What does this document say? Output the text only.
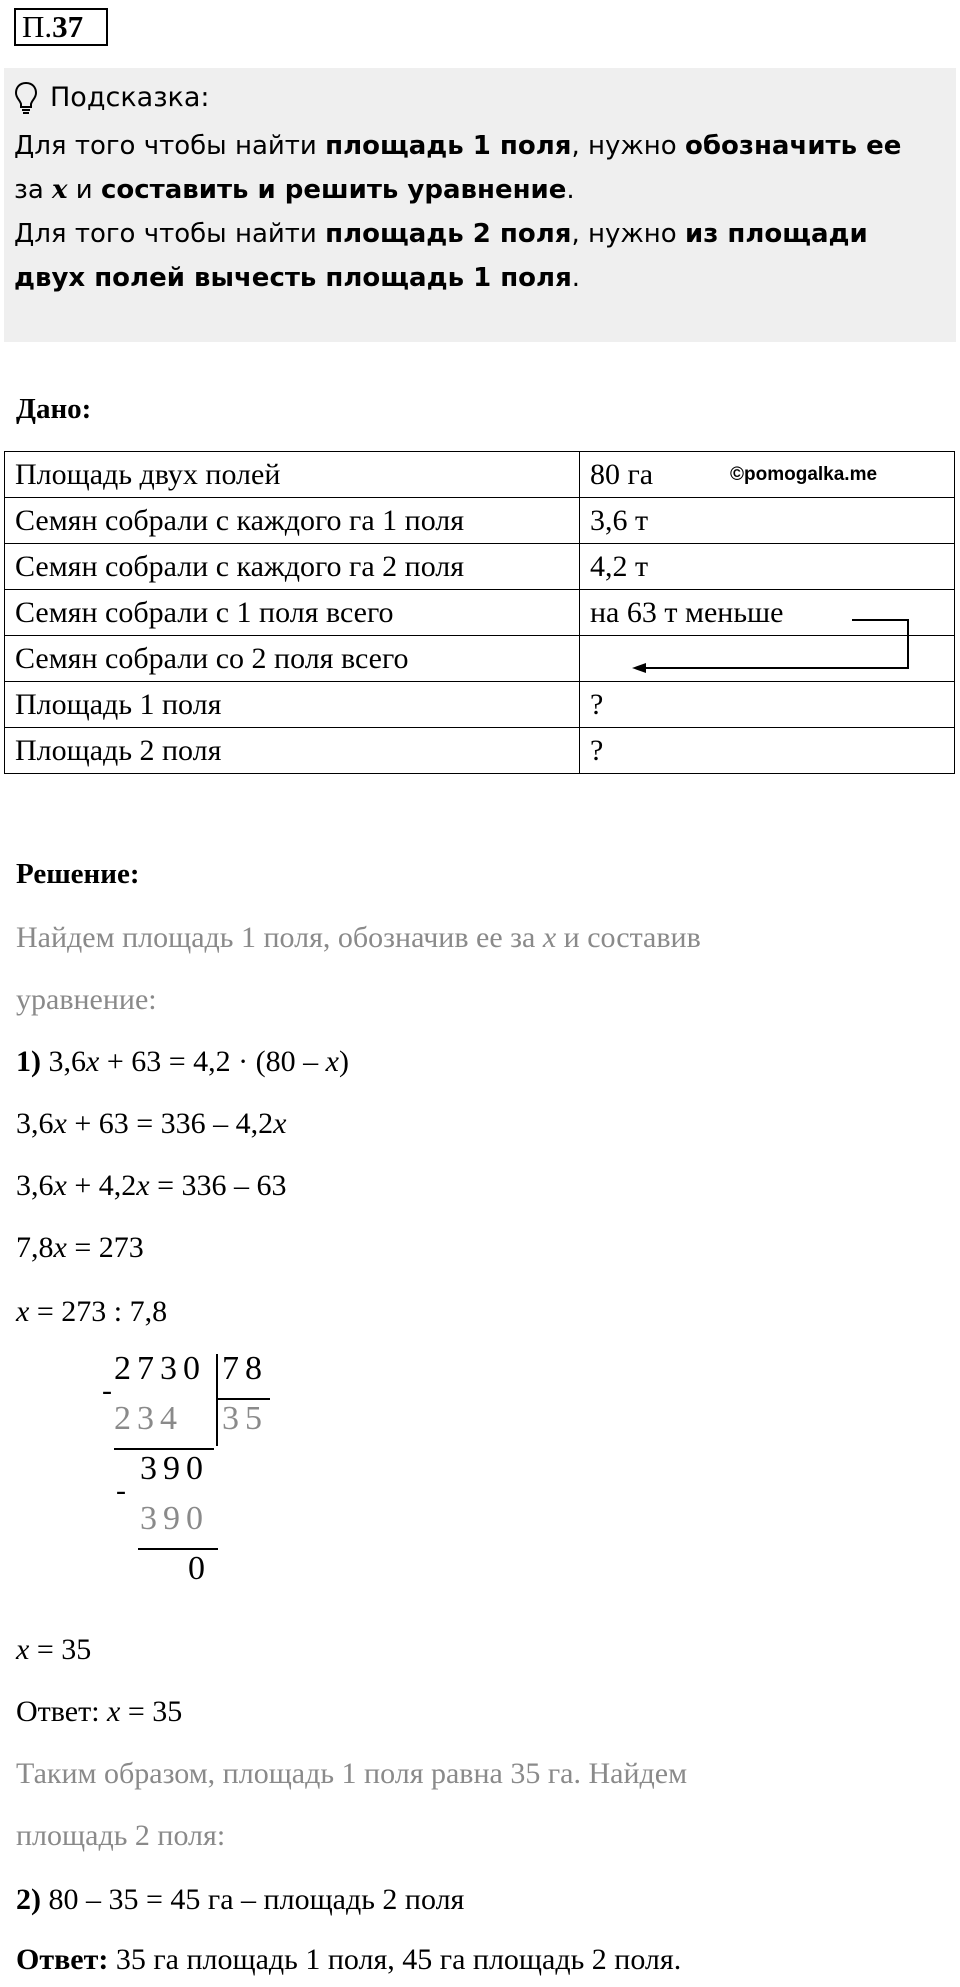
П.37
Подсказка:
Для того чтобы найти площадь 1 поля, нужно обозначить ее
за x и составить и решить уравнение.
Для того чтобы найти площадь 2 поля, нужно из площади
двух полей вычесть площадь 1 поля.
Дано:
Площадь двух полей	80 га ©pomogalka.me

Семян собрали с каждого га 1 поля	3,6 т
Семян собрали с каждого га 2 поля	4,2 т
Семян собрали с 1 поля всего	на 63 т меньше
Семян собрали со 2 поля всего	
Площадь 1 поля	?
Площадь 2 поля	?
Решение:
Найдем площадь 1 поля, обозначив ее за x и составив
уравнение:
1) 3,6x + 63 = 4,2 · (80 – x)
3,6x + 63 = 336 – 4,2x
3,6x + 4,2x = 336 – 63
7,8x = 273
x = 273 : 7,8
2730 78
-
234 35
390
-
390
0
x = 35
Ответ: x = 35
Таким образом, площадь 1 поля равна 35 га. Найдем
площадь 2 поля:
2) 80 – 35 = 45 га – площадь 2 поля
Ответ: 35 га площадь 1 поля, 45 га площадь 2 поля.
